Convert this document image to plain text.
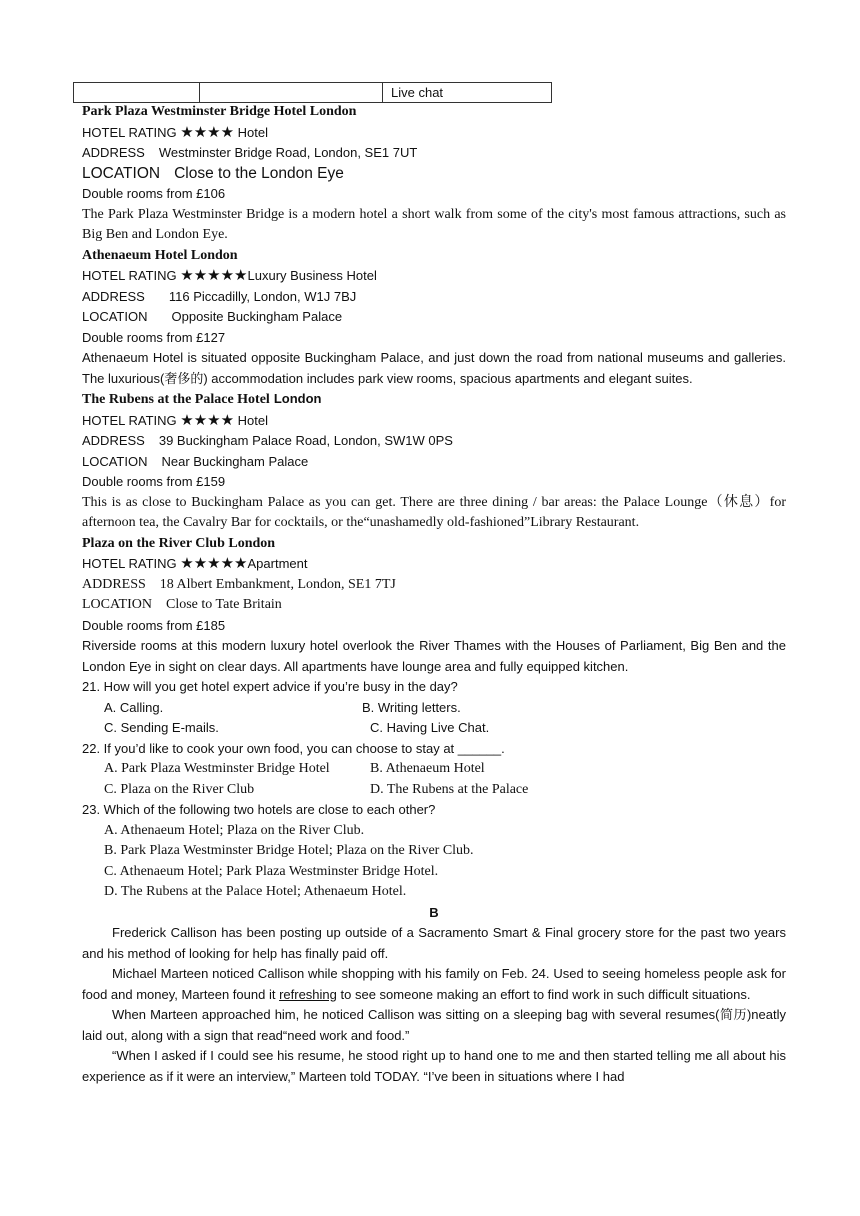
		Live chat
Park Plaza Westminster Bridge Hotel London
HOTEL RATING ★★★★ Hotel
ADDRESS Westminster Bridge Road, London, SE1 7UT
LOCATION Close to the London Eye
Double rooms from £106
The Park Plaza Westminster Bridge is a modern hotel a short walk from some of the city's most famous attractions, such as Big Ben and London Eye.
Athenaeum Hotel London
HOTEL RATING ★★★★★Luxury Business Hotel
ADDRESS 116 Piccadilly, London, W1J 7BJ
LOCATION Opposite Buckingham Palace
Double rooms from £127
Athenaeum Hotel is situated opposite Buckingham Palace, and just down the road from national museums and galleries. The luxurious(奢侈的) accommodation includes park view rooms, spacious apartments and elegant suites.
The Rubens at the Palace Hotel London
HOTEL RATING ★★★★ Hotel
ADDRESS 39 Buckingham Palace Road, London, SW1W 0PS
LOCATION Near Buckingham Palace
Double rooms from £159
This is as close to Buckingham Palace as you can get. There are three dining / bar areas: the Palace Lounge（休息）for afternoon tea, the Cavalry Bar for cocktails, or the“unashamedly old-fashioned”Library Restaurant.
Plaza on the River Club London
HOTEL RATING ★★★★★Apartment
ADDRESS 18 Albert Embankment, London, SE1 7TJ
LOCATION Close to Tate Britain
Double rooms from £185
Riverside rooms at this modern luxury hotel overlook the River Thames with the Houses of Parliament, Big Ben and the London Eye in sight on clear days. All apartments have lounge area and fully equipped kitchen.
21. How will you get hotel expert advice if you’re busy in the day?
A. Calling.	B. Writing letters.
C. Sending E-mails.	C. Having Live Chat.
22. If you’d like to cook your own food, you can choose to stay at ______.
A. Park Plaza Westminster Bridge Hotel	B. Athenaeum Hotel
C. Plaza on the River Club	D. The Rubens at the Palace
23. Which of the following two hotels are close to each other?
A. Athenaeum Hotel; Plaza on the River Club.
B. Park Plaza Westminster Bridge Hotel; Plaza on the River Club.
C. Athenaeum Hotel; Park Plaza Westminster Bridge Hotel.
D. The Rubens at the Palace Hotel; Athenaeum Hotel.
B
Frederick Callison has been posting up outside of a Sacramento Smart & Final grocery store for the past two years and his method of looking for help has finally paid off.
Michael Marteen noticed Callison while shopping with his family on Feb. 24. Used to seeing homeless people ask for food and money, Marteen found it refreshing to see someone making an effort to find work in such difficult situations.
When Marteen approached him, he noticed Callison was sitting on a sleeping bag with several resumes(简历)neatly laid out, along with a sign that read“need work and food.”
“When I asked if I could see his resume, he stood right up to hand one to me and then started telling me all about his experience as if it were an interview,” Marteen told TODAY. “I’ve been in situations where I had
